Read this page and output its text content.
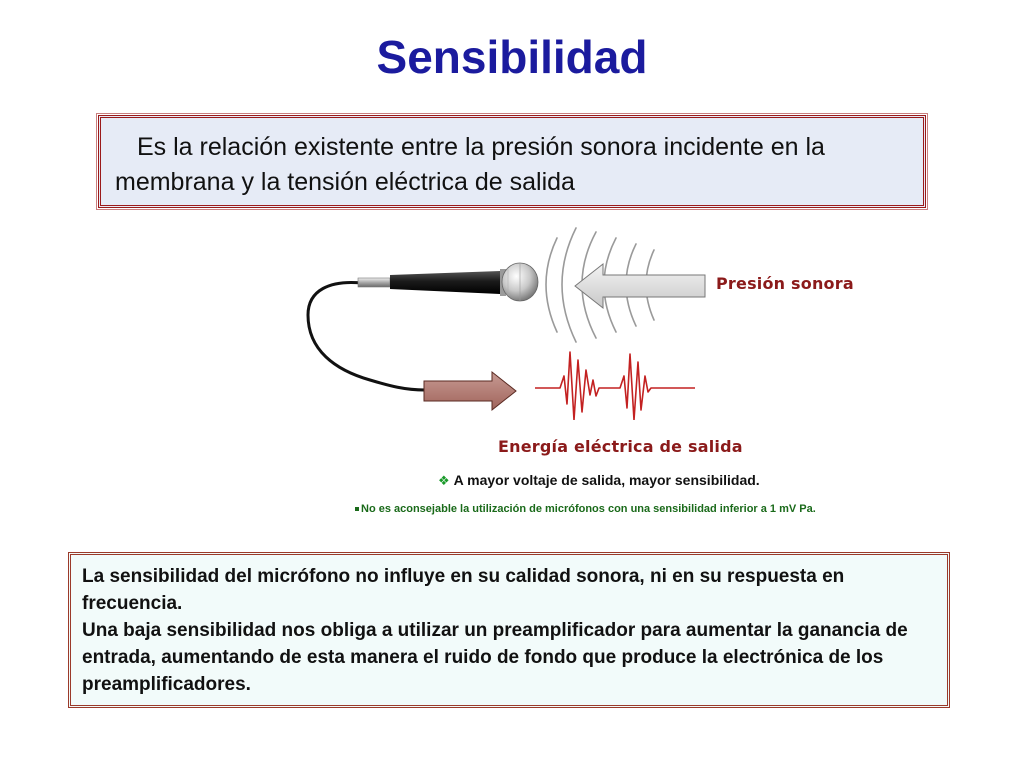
Sensibilidad
Es la relación existente entre la presión sonora incidente en la membrana y la tensión eléctrica de salida
Presión sonora
Energía eléctrica de salida
❖ A mayor voltaje de salida, mayor sensibilidad.
No es aconsejable la utilización de micrófonos con una sensibilidad inferior a 1 mV Pa.

La sensibilidad del micrófono no influye en su calidad sonora, ni en su respuesta en frecuencia.

Una baja sensibilidad nos obliga a utilizar un preamplificador para aumentar la ganancia de entrada, aumentando de esta manera el ruido de fondo que produce la electrónica de los preamplificadores.
